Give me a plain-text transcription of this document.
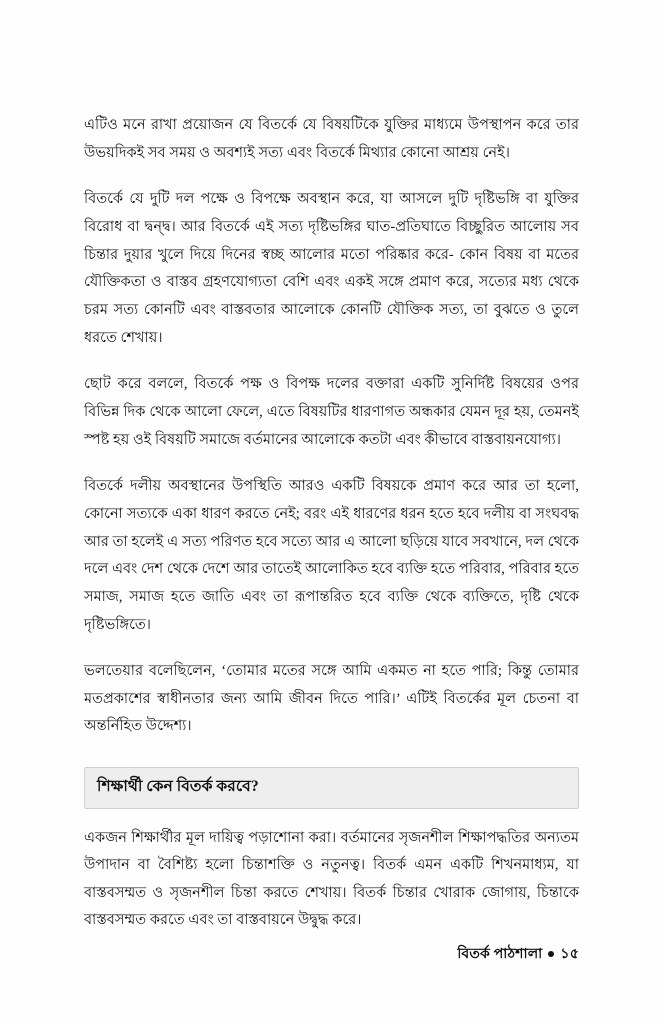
এটিও মনে রাখা প্রয়োজন যে বিতর্কে যে বিষয়টিকে যুক্তির মাধ্যমে উপস্থাপন করে তার উভয়দিকই সব সময় ও অবশ্যই সত্য এবং বিতর্কে মিথ্যার কোনো আশ্রয় নেই।

বিতর্কে যে দুটি দল পক্ষে ও বিপক্ষে অবস্থান করে, যা আসলে দুটি দৃষ্টিভঙ্গি বা যুক্তির বিরোধ বা দ্বন্দ্ব। আর বিতর্কে এই সত্য দৃষ্টিভঙ্গির ঘাত-প্রতিঘাতে বিচ্ছুরিত আলোয় সব চিন্তার দুয়ার খুলে দিয়ে দিনের স্বচ্ছ আলোর মতো পরিষ্কার করে- কোন বিষয় বা মতের যৌক্তিকতা ও বাস্তব গ্রহণযোগ্যতা বেশি এবং একই সঙ্গে প্রমাণ করে, সত্যের মধ্য থেকে চরম সত্য কোনটি এবং বাস্তবতার আলোকে কোনটি যৌক্তিক সত্য, তা বুঝতে ও তুলে ধরতে শেখায়।

ছোট করে বললে, বিতর্কে পক্ষ ও বিপক্ষ দলের বক্তারা একটি সুনির্দিষ্ট বিষয়ের ওপর বিভিন্ন দিক থেকে আলো ফেলে, এতে বিষয়টির ধারণাগত অন্ধকার যেমন দূর হয়, তেমনই স্পষ্ট হয় ওই বিষয়টি সমাজে বর্তমানের আলোকে কতটা এবং কীভাবে বাস্তবায়নযোগ্য।

বিতর্কে দলীয় অবস্থানের উপস্থিতি আরও একটি বিষয়কে প্রমাণ করে আর তা হলো, কোনো সত্যকে একা ধারণ করতে নেই; বরং এই ধারণের ধরন হতে হবে দলীয় বা সংঘবদ্ধ আর তা হলেই এ সত্য পরিণত হবে সত্যে আর এ আলো ছড়িয়ে যাবে সবখানে, দল থেকে দলে এবং দেশ থেকে দেশে আর তাতেই আলোকিত হবে ব্যক্তি হতে পরিবার, পরিবার হতে সমাজ, সমাজ হতে জাতি এবং তা রূপান্তরিত হবে ব্যক্তি থেকে ব্যক্তিতে, দৃষ্টি থেকে দৃষ্টিভঙ্গিতে।

ভলতেয়ার বলেছিলেন, ‘তোমার মতের সঙ্গে আমি একমত না হতে পারি; কিন্তু তোমার মতপ্রকাশের স্বাধীনতার জন্য আমি জীবন দিতে পারি।’ এটিই বিতর্কের মূল চেতনা বা অন্তর্নিহিত উদ্দেশ্য।

শিক্ষার্থী কেন বিতর্ক করবে?

একজন শিক্ষার্থীর মূল দায়িত্ব পড়াশোনা করা। বর্তমানের সৃজনশীল শিক্ষাপদ্ধতির অন্যতম উপাদান বা বৈশিষ্ট্য হলো চিন্তাশক্তি ও নতুনত্ব। বিতর্ক এমন একটি শিখনমাধ্যম, যা বাস্তবসম্মত ও সৃজনশীল চিন্তা করতে শেখায়। বিতর্ক চিন্তার খোরাক জোগায়, চিন্তাকে বাস্তবসম্মত করতে এবং তা বাস্তবায়নে উদ্বুদ্ধ করে।

বিতর্ক পাঠশালা ১৫
